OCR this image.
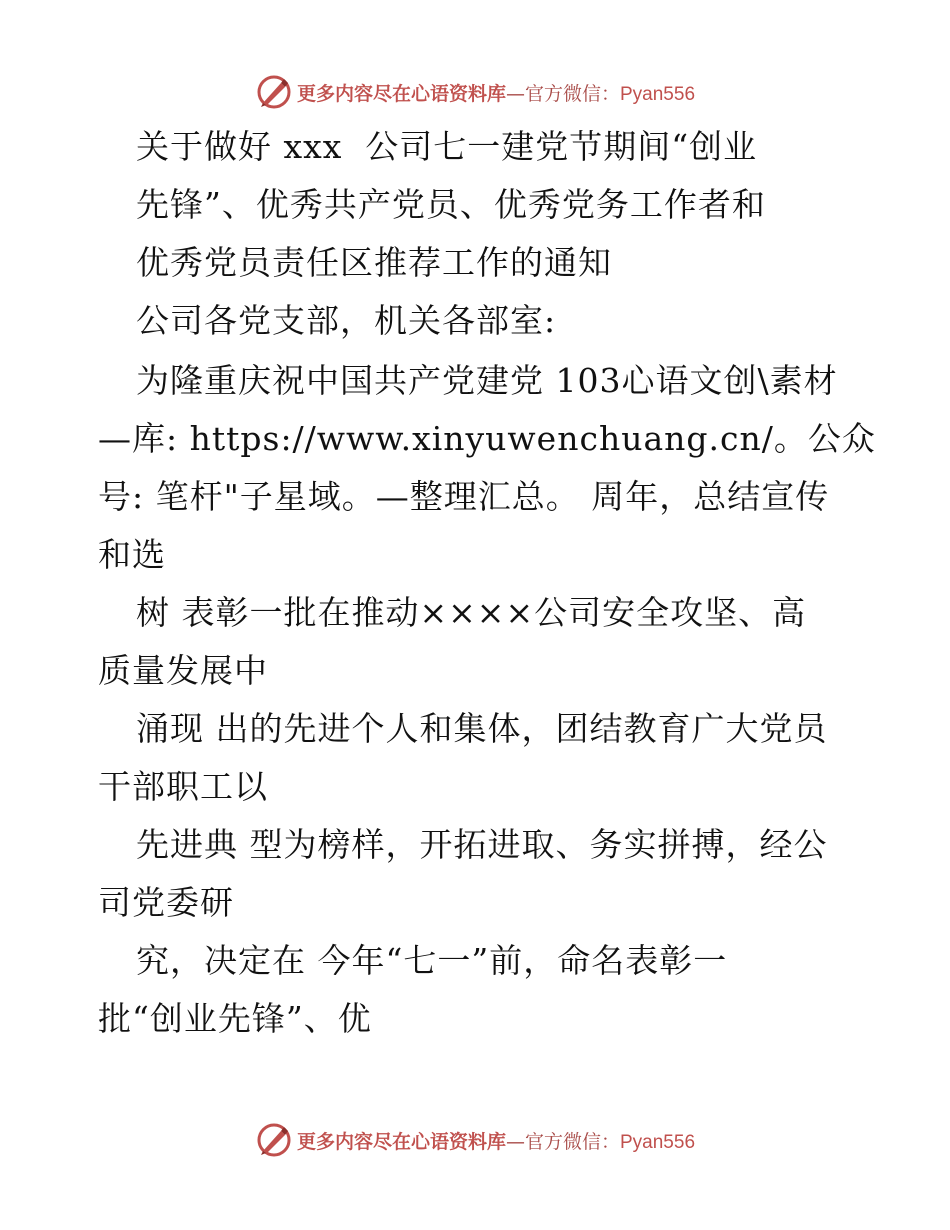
更多内容尽在心语资料库—官方微信：Pyan556
关于做好 xxx  公司七一建党节期间“创业
先锋”、优秀共产党员、优秀党务工作者和
优秀党员责任区推荐工作的通知
公司各党支部，机关各部室:
为隆重庆祝中国共产党建党 103心语文创\素材
—库: https://www.xinyuwenchuang.cn/。公众
号: 笔杆"子星域。—整理汇总。 周年，总结宣传
和选
树 表彰一批在推动××××公司安全攻坚、高
质量发展中
涌现 出的先进个人和集体，团结教育广大党员
干部职工以
先进典 型为榜样，开拓进取、务实拼搏，经公
司党委研
究，决定在 今年“七一”前，命名表彰一
批“创业先锋”、优
更多内容尽在心语资料库—官方微信：Pyan556
